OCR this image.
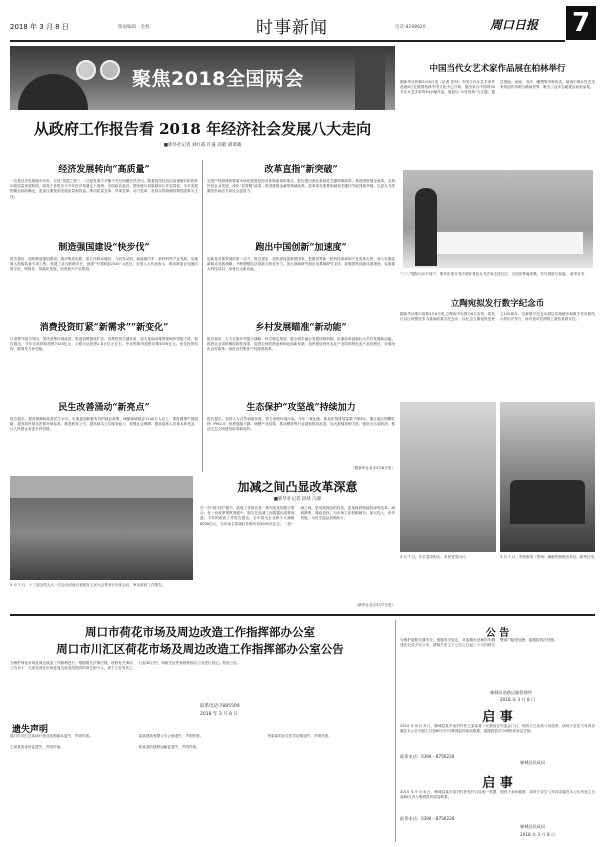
2018 年 3 月 8 日	版面编辑：金燕	时事新闻	电话:8198920	周口日报 7
聚焦2018全国两会
从政府工作报告看 2018 年经济社会发展八大走向
■新华社记者 刘红霞 许晟 高敬 谭谟晓
经济发展转向“高质量”
一边是经济发展稳中向好，尽显“发展之势”；一边是发展不平衡不充分问题仍然突出。随着我国经济由高速增长阶段转向高质量发展阶段，政府工作报告为今年经济发展定下基调。全国政协委员、国家统计局原副局长许宪春说，今年发展预期目标的确定，更加注重提高发展质量和效益，推动质量变革、效率变革、动力变革，坚持以供给侧结构性改革为主线。
改革直指“新突破”
完善产权制度和要素市场化配置是经济体制改革的重点。报告提出深化基础性关键领域改革，推进国资国企改革，支持民营企业发展，深化“放管服”改革，推进财税金融等领域改革，改革将在重要领域和关键环节取得新突破，以更大力度激发市场活力和社会创造力。
制造强国建设“快步伐”
报告提出，加快制造强国建设。推动集成电路、第五代移动通信、飞机发动机、新能源汽车、新材料等产业发展，实施重大短板装备专项工程，发展工业互联网平台，创建“中国制造2025”示范区。全国人大代表表示，推动制造业加速向数字化、网络化、智能化发展，培育新兴产业集群。
跑出中国创新“加速度”
创新是引领发展的第一动力。报告提出，加快建设创新型国家，把握世界新一轮科技革命和产业变革大势，深入实施创新驱动发展战略，不断增强经济创新力和竞争力。加大基础研究和应用基础研究支持，加强国家创新体系建设，实施重大科技项目，培育壮大新动能。
消费投资盯紧“新需求”“新变化”
以消费升级为导向，加快消费环境改善，推进消费提质扩容；发挥投资关键作用，加大基础设施等领域补短板力度。报告提出，今年完成铁路投资7320亿元、公路水运投资1.8万亿元左右，中央预算内投资安排5376亿元，优化投资结构，精准发力补短板。
乡村发展瞄准“新动能”
报告提出，大力实施乡村振兴战略，科学制定规划，健全城乡融合发展体制机制，依靠改革创新壮大乡村发展新动能。推进农业供给侧结构性改革，促进农林牧渔业和种业创新发展，加快建设现代农业产业园和特色农产品优势区。全面深化农村改革，深化农村集体产权制度改革。
民生改善涌动“新亮点”
报告提出，提高保障和改善民生水平。实施更加积极有效的就业政策，城镇新增就业1100万人以上；推进健康中国战略，提高居民基本医保补助标准；推进教育公平，提高基本公共服务能力；加强社会保障，提高退休人员基本养老金，让人民群众有更多获得感。
生态保护“攻坚战”持续加力
报告提出，坚持人与自然和谐发展，着力治理环境污染。今年二氧化硫、氮氧化物排放量要下降3%，重点地区细颗粒物（PM2.5）浓度继续下降。调整产业结构，推动钢铁等行业超低排放改造，加大散煤治理力度，强化水污染防治，推动生态文明建设取得新成效。
（据新华社北京3月6日电）
3 月 7 日，十三届全国人大一次会议河南代表团在人民大会堂举行全体会议，审议政府工作报告。
加减之间凸显改革深意
■新华社记者 段续 冯源
在一份“数字控”眼中，政府工作报告是一系列变化的数字集合；在一份改革观察者眼中，报告在加减之间透露出改革深意。今年的政府工作报告提出，全年再为企业和个人减税8000亿元，为市场主体减轻非税负担3000多亿元。一加一减之间，是发展理念的转变，更是政府职能的深刻变革。减税降费、简政放权，为市场主体松绑减负；加大投入、补齐短板，为民生福祉加码助力。
（新华社北京3月7日电）
中国当代女艺术家作品展在柏林举行
据新华社柏林3月6日电（记者 任珂）中国当代女艺术家作品展6日在德国柏林中国文化中心开幕，展出来自中国的30多位女艺术家的90余幅作品。展览以“女性视角”为主题，通过国画、油画、书法、雕塑等多种形式，展现中国女性艺术家的创作风貌与精神世界，吸引了众多当地观众前来参观。
“三八”国际妇女节前夕，郑州市部分书法爱好者及女书法家走进社区，为居民挥毫泼墨，书写春联与祝福。 新华社发
立陶宛拟发行数字纪念币
据新华社维尔纽斯3月6日电 立陶宛中央银行6日宣布，将发行以区块链技术为基础的数字纪念币，以纪念立陶宛恢复独立100周年。这种数字纪念币将以实物硬币和数字代币相结合的形式发行，持有者可在网络上查验其真实性。
3 月 7 日，在长春市街头，市民冒雪出行。	3 月 7 日，中欧班列（郑州）满载货物驶出车站。新华社发
周口市荷花市场及周边改造工作指挥部办公室
周口市川汇区荷花市场及周边改造工作指挥部办公室公告
为维护荷花市场及周边改造工作顺利进行，根据相关法律法规，现将有关事项公告如下：凡涉及荷花市场及周边改造范围内的单位和个人，请于公告发布之日起30日内，持相关证件到指挥部办公室进行登记。特此公告。
联系电话:7885509
2018 年 3 月 8 日
遗失声明
周口市川汇区某商行营业执照副本遗失，声明作废。
王某某的身份证遗失，声明作废。
某某建筑有限公司公章遗失，声明作废。
张某某的道路运输证遗失，声明作废。
李某某的出生医学证明遗失，声明作废。
公 告
为维护道路交通安全，根据有关规定，对逾期未处理的车辆违法记录予以公告，请相关车主于公告之日起三十日内到交警部门接受处理，逾期将依法处理。
郸城县道路运输管理所
2018 年 3 月 8 日
启 事
2014 年 8 月 8 日，郸城县某乡某村村民王某某将一女婴放在村委会门口，现孩子已由其父母抚养，请孩子亲生父母或亲属在本公告刊登之日起60日内与郸城县民政局联系，逾期将依法办理收养登记手续。
联系电话：0394－8756228
郸城县民政局
启 事
2015 年 9 月 6 日，郸城县某乡某村村民在村口捡到一男婴，现孩子身体健康，请孩子亲生父母或亲属在本公告刊登之日起60日内与郸城县民政局联系。
联系电话：0394－8756228
郸城县民政局
2018 年 3 月 8 日
